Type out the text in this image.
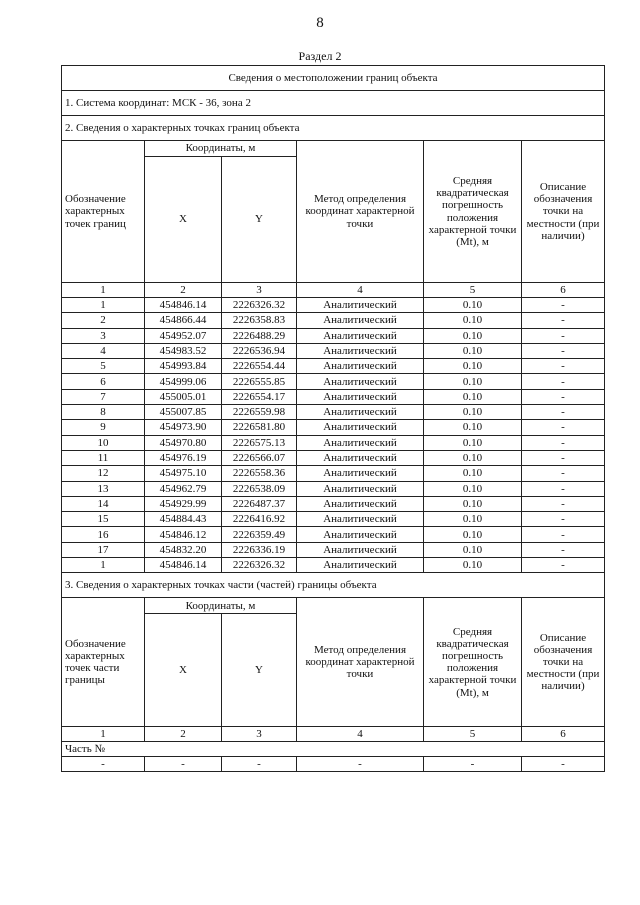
8
Раздел 2
Сведения о местоположении границ объекта					
1. Система координат: МСК - 36, зона 2					
2. Сведения о характерных точках границ объекта					
Обозначение характерных точек границ	Координаты, м		Метод определения координат характерной точки	Средняя квадратическая погрешность положения характерной точки (Mt), м	Описание обозначения точки на местности (при наличии)
	X	Y			
1	2	3	4	5	6
1	454846.14	2226326.32	Аналитический	0.10	-
2	454866.44	2226358.83	Аналитический	0.10	-
3	454952.07	2226488.29	Аналитический	0.10	-
4	454983.52	2226536.94	Аналитический	0.10	-
5	454993.84	2226554.44	Аналитический	0.10	-
6	454999.06	2226555.85	Аналитический	0.10	-
7	455005.01	2226554.17	Аналитический	0.10	-
8	455007.85	2226559.98	Аналитический	0.10	-
9	454973.90	2226581.80	Аналитический	0.10	-
10	454970.80	2226575.13	Аналитический	0.10	-
11	454976.19	2226566.07	Аналитический	0.10	-
12	454975.10	2226558.36	Аналитический	0.10	-
13	454962.79	2226538.09	Аналитический	0.10	-
14	454929.99	2226487.37	Аналитический	0.10	-
15	454884.43	2226416.92	Аналитический	0.10	-
16	454846.12	2226359.49	Аналитический	0.10	-
17	454832.20	2226336.19	Аналитический	0.10	-
1	454846.14	2226326.32	Аналитический	0.10	-
3. Сведения о характерных точках части (частей) границы объекта					
Обозначение характерных точек части границы	Координаты, м		Метод определения координат характерной точки	Средняя квадратическая погрешность положения характерной точки (Mt), м	Описание обозначения точки на местности (при наличии)
	X	Y			
1	2	3	4	5	6
Часть №					
-	-	-	-	-	-
